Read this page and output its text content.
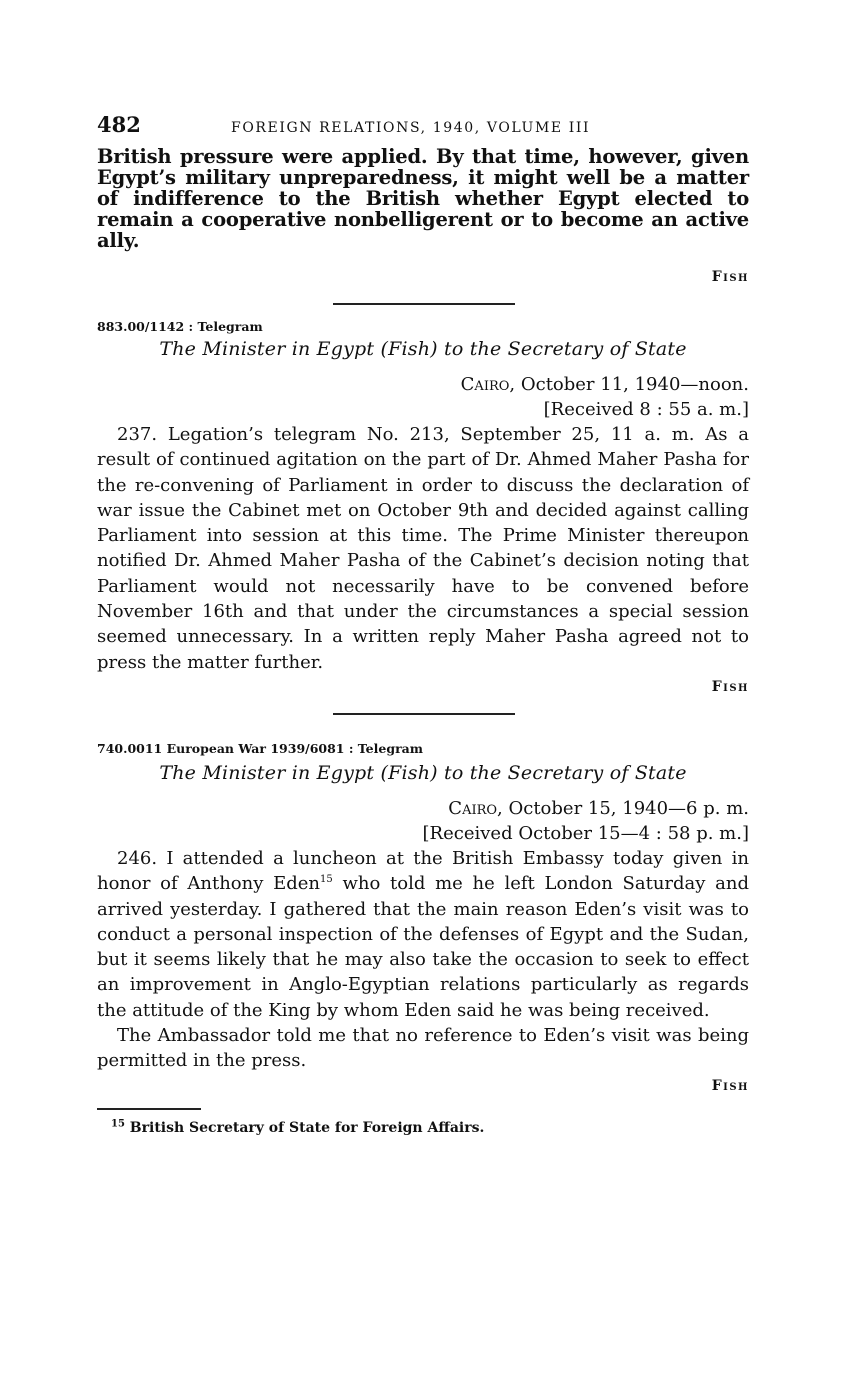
482	FOREIGN RELATIONS, 1940, VOLUME III

British pressure were applied. By that time, however, given Egypt’s military unpreparedness, it might well be a matter of indifference to the British whether Egypt elected to remain a cooperative nonbelligerent or to become an active ally.

Fish

883.00/1142 : Telegram

The Minister in Egypt (Fish) to the Secretary of State

Cairo, October 11, 1940—noon.

[Received 8 : 55 a. m.]

237. Legation’s telegram No. 213, September 25, 11 a. m. As a result of continued agitation on the part of Dr. Ahmed Maher Pasha for the re-convening of Parliament in order to discuss the declaration of war issue the Cabinet met on October 9th and decided against calling Parliament into session at this time. The Prime Minister thereupon notified Dr. Ahmed Maher Pasha of the Cabinet’s decision noting that Parliament would not necessarily have to be convened before November 16th and that under the circumstances a special session seemed unnecessary. In a written reply Maher Pasha agreed not to press the matter further.

Fish

740.0011 European War 1939/6081 : Telegram

The Minister in Egypt (Fish) to the Secretary of State

Cairo, October 15, 1940—6 p. m.

[Received October 15—4 : 58 p. m.]

246. I attended a luncheon at the British Embassy today given in honor of Anthony Eden$^{15}$ who told me he left London Saturday and arrived yesterday. I gathered that the main reason Eden’s visit was to conduct a personal inspection of the defenses of Egypt and the Sudan, but it seems likely that he may also take the occasion to seek to effect an improvement in Anglo-Egyptian relations particularly as regards the attitude of the King by whom Eden said he was being received.

The Ambassador told me that no reference to Eden’s visit was being permitted in the press.

Fish

$^{15}$ British Secretary of State for Foreign Affairs.
